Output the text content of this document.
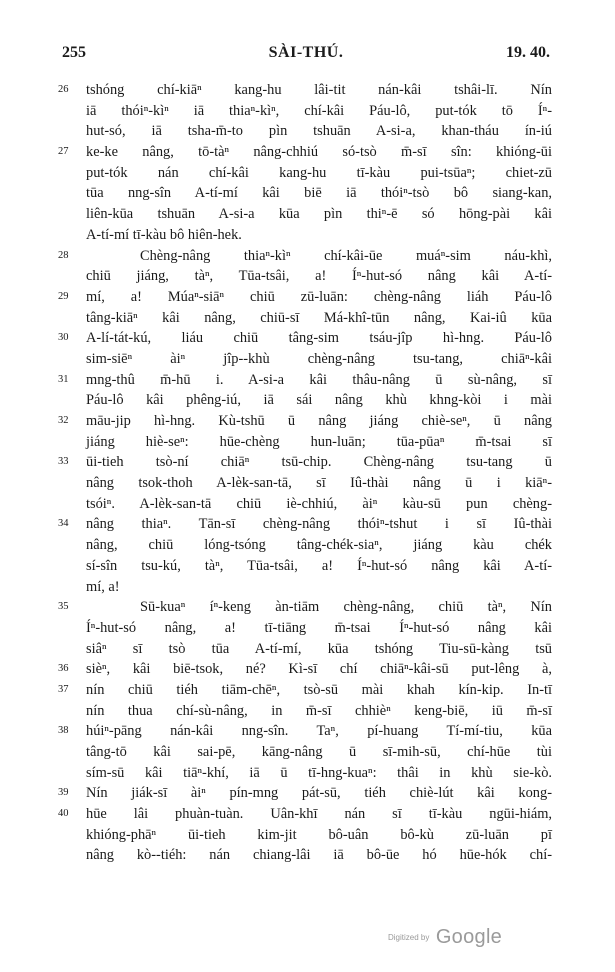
255	SÀI-THÚ.	19. 40.
26	tshóng chí-kiāⁿ kang-hu lâi-tit nán-kâi tshâi-lī. Nín
iā thóiⁿ-kìⁿ iā thiaⁿ-kìⁿ, chí-kâi Páu-lô, put-tók tō Íⁿ-
hut-só, iā tsha-m̄-to pìn tshuān A-si-a, khan-tháu ín-iú
27	ke-ke nâng, tō-tàⁿ nâng-chhiú só-tsò m̄-sī sîn: khióng-ūi
put-tók nán chí-kâi kang-hu tī-kàu pui-tsūaⁿ; chiet-zū
tūa nng-sîn A-tí-mí kâi biē iā thóiⁿ-tsò bô siang-kan,
liên-kūa tshuān A-si-a kūa pìn thiⁿ-ē só hōng-pài kâi
A-tí-mí tī-kàu bô hiên-hek.
28	Chèng-nâng thiaⁿ-kìⁿ chí-kâi-ūe muáⁿ-sim náu-khì,
chiū jiáng, tàⁿ, Tūa-tsâi, a! Íⁿ-hut-só nâng kâi A-tí-
29	mí, a! Múaⁿ-siāⁿ chiū zū-luān: chèng-nâng liáh Páu-lô
tâng-kiāⁿ kâi nâng, chiū-sī Má-khî-tūn nâng, Kai-iû kūa
30	A-lí-tát-kú, liáu chiū tâng-sim tsáu-jîp hì-hng. Páu-lô
sim-siēⁿ àiⁿ jîp--khù chèng-nâng tsu-tang, chiāⁿ-kâi
31	mng-thû m̄-hū i. A-si-a kâi thâu-nâng ū sù-nâng, sī
Páu-lô kâi phêng-iú, iā sái nâng khù khng-kòi i mài
32	māu-jip hì-hng. Kù-tshū ū nâng jiáng chiè-seⁿ, ū nâng
jiáng hiè-seⁿ: hūe-chèng hun-luān; tūa-pūaⁿ m̄-tsai sī
33	ūi-tieh tsò-ní chiāⁿ tsū-chip. Chèng-nâng tsu-tang ū
nâng tsok-thoh A-lèk-san-tā, sī Iû-thài nâng ū i kiāⁿ-
tsóiⁿ. A-lèk-san-tā chiū iè-chhiú, àiⁿ kàu-sū pun chèng-
34	nâng thiaⁿ. Tān-sī chèng-nâng thóiⁿ-tshut i sī Iû-thài
nâng, chiū lóng-tsóng tâng-chék-siaⁿ, jiáng kàu chék
sí-sîn tsu-kú, tàⁿ, Tūa-tsâi, a! Íⁿ-hut-só nâng kâi A-tí-
mí, a!
35	Sū-kuaⁿ íⁿ-keng àn-tiām chèng-nâng, chiū tàⁿ, Nín
Íⁿ-hut-só nâng, a! tī-tiāng m̄-tsai Íⁿ-hut-só nâng kâi
siâⁿ sī tsò tūa A-tí-mí, kūa tshóng Tiu-sū-kàng tsū
36	sièⁿ, kâi biē-tsok, né? Kì-sī chí chiāⁿ-kâi-sū put-lêng à,
37	nín chiū tiéh tiām-chēⁿ, tsò-sū mài khah kín-kip. In-tī
nín thua chí-sù-nâng, in m̄-sī chhièⁿ keng-biē, iū m̄-sī
38	húiⁿ-pāng nán-kâi nng-sîn. Taⁿ, pí-huang Tí-mí-tiu, kūa
tâng-tō kâi sai-pē, kāng-nâng ū sī-mih-sū, chí-hūe tùi
sím-sū kâi tiāⁿ-khí, iā ū tī-hng-kuaⁿ: thâi in khù sie-kò.
39	Nín jiák-sī àiⁿ pín-mng pát-sū, tiéh chiè-lút kâi kong-
40	hūe lâi phuàn-tuàn. Uân-khī nán sī tī-kàu ngūi-hiám,
khióng-phāⁿ ūi-tieh kim-jit bô-uân bô-kù zū-luān pī
nâng kò--tiéh: nán chiang-lâi iā bô-ūe hó hūe-hók chí-
Digitized by Google
